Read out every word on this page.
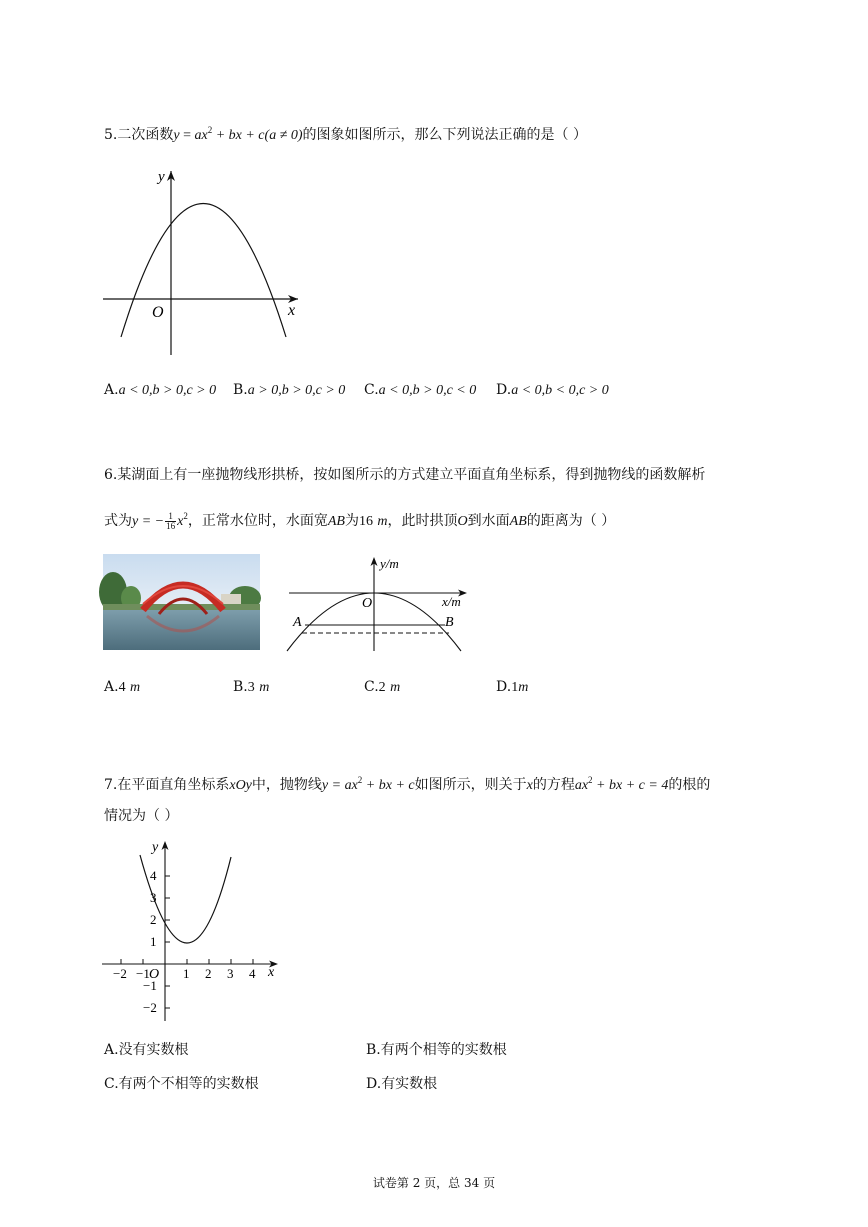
5.二次函数$y = ax^2$ + bx + c(a ≠ 0)的图象如图所示，那么下列说法正确的是（ ）
y
x
O
A.a < 0,b > 0,c > 0 B.a > 0,b > 0,c > 0 C.a < 0,b > 0,c < 0 D.a < 0,b < 0,c > 0
6.某湖面上有一座抛物线形拱桥，按如图所示的方式建立平面直角坐标系，得到抛物线的函数解析
式为y = − $\frac{1}{16} x^2$，正常水位时，水面宽AB为16 m，此时拱顶O到水面AB的距离为（ ）
y/m
x/m
O
A	B
A.4 m	B.3 m	C.2 m	D.1m
7.在平面直角坐标系xOy中，抛物线$y = ax^2$ + bx + c如图所示，则关于x的方程$ax^2$ + bx + c = 4的根的
情况为（ ）
y
x
O
4
3
2
1
−1
−2
−2 −1	1 2 3 4
A.没有实数根	B.有两个相等的实数根
C.有两个不相等的实数根	D.有实数根
试卷第 2 页，总 34 页
